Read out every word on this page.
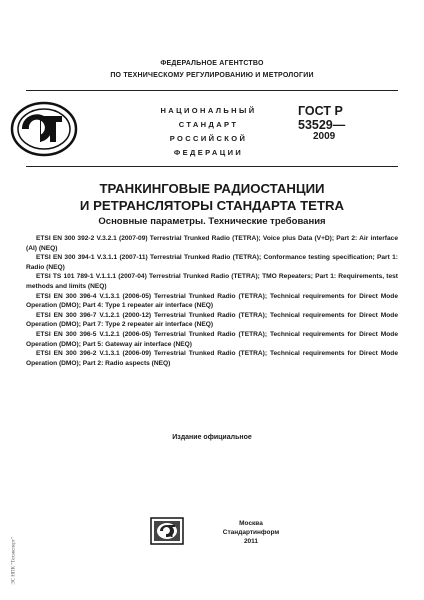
ФЕДЕРАЛЬНОЕ АГЕНТСТВО
ПО ТЕХНИЧЕСКОМУ РЕГУЛИРОВАНИЮ И МЕТРОЛОГИИ
НАЦИОНАЛЬНЫЙ
СТАНДАРТ
РОССИЙСКОЙ
ФЕДЕРАЦИИ
ГОСТ Р
53529—
2009
ТРАНКИНГОВЫЕ РАДИОСТАНЦИИ
И РЕТРАНСЛЯТОРЫ СТАНДАРТА TETRA
Основные параметры. Технические требования

ETSI EN 300 392-2 V.3.2.1 (2007-09) Terrestrial Trunked Radio (TETRA); Voice plus Data (V+D); Part 2: Air interface (AI) (NEQ)

ETSI EN 300 394-1 V.3.1.1 (2007-11) Terrestrial Trunked Radio (TETRA); Conformance testing specification; Part 1: Radio (NEQ)

ETSI TS 101 789-1 V.1.1.1 (2007-04) Terrestrial Trunked Radio (TETRA); TMO Repeaters; Part 1: Requirements, test methods and limits (NEQ)

ETSI EN 300 396-4 V.1.3.1 (2006-05) Terrestrial Trunked Radio (TETRA); Technical requirements for Direct Mode Operation (DMO); Part 4: Type 1 repeater air interface (NEQ)

ETSI EN 300 396-7 V.1.2.1 (2000-12) Terrestrial Trunked Radio (TETRA); Technical requirements for Direct Mode Operation (DMO); Part 7: Type 2 repeater air interface (NEQ)

ETSI EN 300 396-5 V.1.2.1 (2006-05) Terrestrial Trunked Radio (TETRA); Technical requirements for Direct Mode Operation (DMO); Part 5: Gateway air interface (NEQ)

ETSI EN 300 396-2 V.1.3.1 (2006-09) Terrestrial Trunked Radio (TETRA); Technical requirements for Direct Mode Operation (DMO); Part 2: Radio aspects (NEQ)

Издание официальное
Москва
Стандартинформ
2011
ЭС НПК "Техэксперт"
